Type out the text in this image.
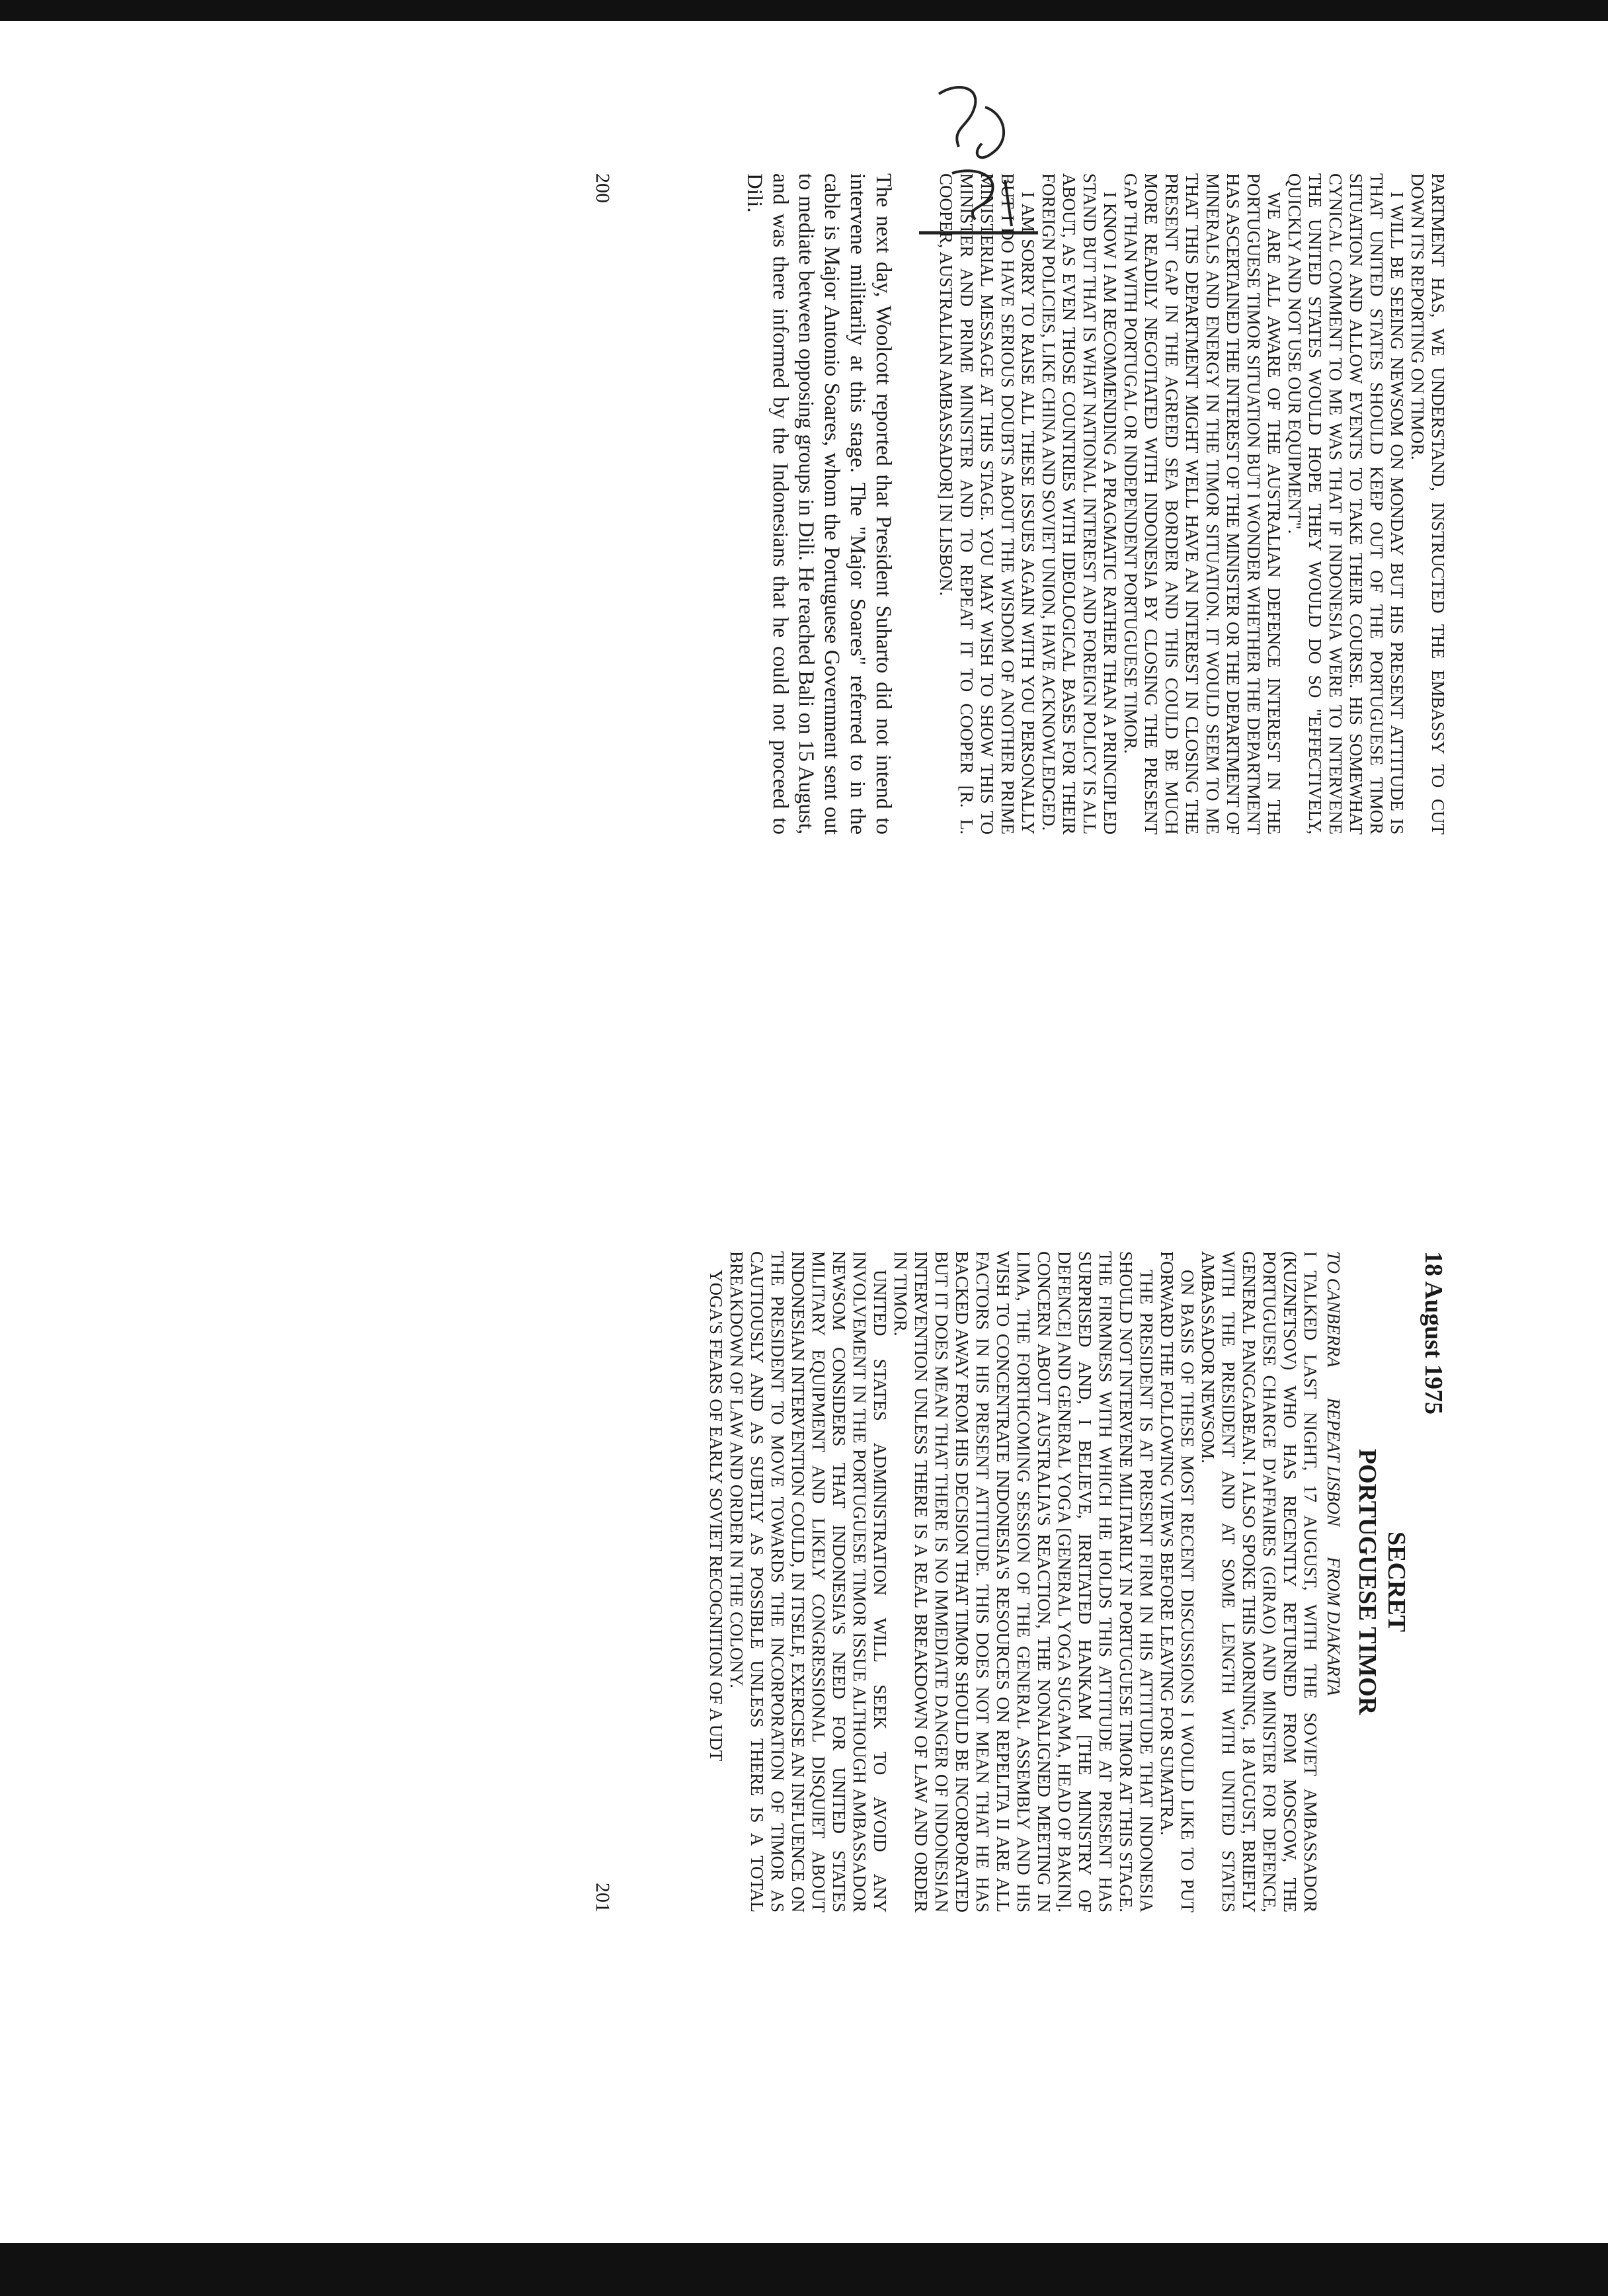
PARTMENT HAS, WE UNDERSTAND, INSTRUCTED THE EMBASSY TO CUT DOWN ITS REPORTING ON TIMOR.

I WILL BE SEEING NEWSOM ON MONDAY BUT HIS PRESENT ATTITUDE IS THAT UNITED STATES SHOULD KEEP OUT OF THE PORTUGUESE TIMOR SITUATION AND ALLOW EVENTS TO TAKE THEIR COURSE. HIS SOMEWHAT CYNICAL COMMENT TO ME WAS THAT IF INDONESIA WERE TO INTERVENE THE UNITED STATES WOULD HOPE THEY WOULD DO SO "EFFECTIVELY, QUICKLY AND NOT USE OUR EQUIPMENT".

WE ARE ALL AWARE OF THE AUSTRALIAN DEFENCE INTEREST IN THE PORTUGUESE TIMOR SITUATION BUT I WONDER WHETHER THE DEPARTMENT HAS ASCERTAINED THE INTEREST OF THE MINISTER OR THE DEPARTMENT OF MINERALS AND ENERGY IN THE TIMOR SITUATION. IT WOULD SEEM TO ME THAT THIS DEPARTMENT MIGHT WELL HAVE AN INTEREST IN CLOSING THE PRESENT GAP IN THE AGREED SEA BORDER AND THIS COULD BE MUCH MORE READILY NEGOTIATED WITH INDONESIA BY CLOSING THE PRESENT GAP THAN WITH PORTUGAL OR INDEPENDENT PORTUGUESE TIMOR.

I KNOW I AM RECOMMENDING A PRAGMATIC RATHER THAN A PRINCIPLED STAND BUT THAT IS WHAT NATIONAL INTEREST AND FOREIGN POLICY IS ALL ABOUT, AS EVEN THOSE COUNTRIES WITH IDEOLOGICAL BASES FOR THEIR FOREIGN POLICIES, LIKE CHINA AND SOVIET UNION, HAVE ACKNOWLEDGED.

I AM SORRY TO RAISE ALL THESE ISSUES AGAIN WITH YOU PERSONALLY BUT I DO HAVE SERIOUS DOUBTS ABOUT THE WISDOM OF ANOTHER PRIME MINISTERIAL MESSAGE AT THIS STAGE. YOU MAY WISH TO SHOW THIS TO MINISTER AND PRIME MINISTER AND TO REPEAT IT TO COOPER [R. L. COOPER, AUSTRALIAN AMBASSADOR] IN LISBON.

The next day, Woolcott reported that President Suharto did not intend to intervene militarily at this stage. The "Major Soares" referred to in the cable is Major Antonio Soares, whom the Portuguese Government sent out to mediate between opposing groups in Dili. He reached Bali on 15 August, and was there informed by the Indonesians that he could not proceed to Dili.

200
18 August 1975
SECRET
PORTUGUESE TIMOR
TO CANBERRA
REPEAT LISBON
FROM DJAKARTA

I TALKED LAST NIGHT, 17 AUGUST, WITH THE SOVIET AMBASSADOR (KUZNETSOV) WHO HAS RECENTLY RETURNED FROM MOSCOW, THE PORTUGUESE CHARGE D'AFFAIRES (GIRAO) AND MINISTER FOR DEFENCE, GENERAL PANGGABEAN. I ALSO SPOKE THIS MORNING, 18 AUGUST, BRIEFLY WITH THE PRESIDENT AND AT SOME LENGTH WITH UNITED STATES AMBASSADOR NEWSOM.

ON BASIS OF THESE MOST RECENT DISCUSSIONS I WOULD LIKE TO PUT FORWARD THE FOLLOWING VIEWS BEFORE LEAVING FOR SUMATRA.

THE PRESIDENT IS AT PRESENT FIRM IN HIS ATTITUDE THAT INDONESIA SHOULD NOT INTERVENE MILITARILY IN PORTUGUESE TIMOR AT THIS STAGE. THE FIRMNESS WITH WHICH HE HOLDS THIS ATTITUDE AT PRESENT HAS SURPRISED AND, I BELIEVE, IRRITATED HANKAM [THE MINISTRY OF DEFENCE] AND GENERAL YOGA [GENERAL YOGA SUGAMA, HEAD OF BAKIN]. CONCERN ABOUT AUSTRALIA'S REACTION, THE NONALIGNED MEETING IN LIMA, THE FORTHCOMING SESSION OF THE GENERAL ASSEMBLY AND HIS WISH TO CONCENTRATE INDONESIA'S RESOURCES ON REPELITA II ARE ALL FACTORS IN HIS PRESENT ATTITUDE. THIS DOES NOT MEAN THAT HE HAS BACKED AWAY FROM HIS DECISION THAT TIMOR SHOULD BE INCORPORATED BUT IT DOES MEAN THAT THERE IS NO IMMEDIATE DANGER OF INDONESIAN INTERVENTION UNLESS THERE IS A REAL BREAKDOWN OF LAW AND ORDER IN TIMOR.

UNITED STATES ADMINISTRATION WILL SEEK TO AVOID ANY INVOLVEMENT IN THE PORTUGUESE TIMOR ISSUE ALTHOUGH AMBASSADOR NEWSOM CONSIDERS THAT INDONESIA'S NEED FOR UNITED STATES MILITARY EQUIPMENT AND LIKELY CONGRESSIONAL DISQUIET ABOUT INDONESIAN INTERVENTION COULD, IN ITSELF, EXERCISE AN INFLUENCE ON THE PRESIDENT TO MOVE TOWARDS THE INCORPORATION OF TIMOR AS CAUTIOUSLY AND AS SUBTLY AS POSSIBLE UNLESS THERE IS A TOTAL BREAKDOWN OF LAW AND ORDER IN THE COLONY.

YOGA'S FEARS OF EARLY SOVIET RECOGNITION OF A UDT

201
